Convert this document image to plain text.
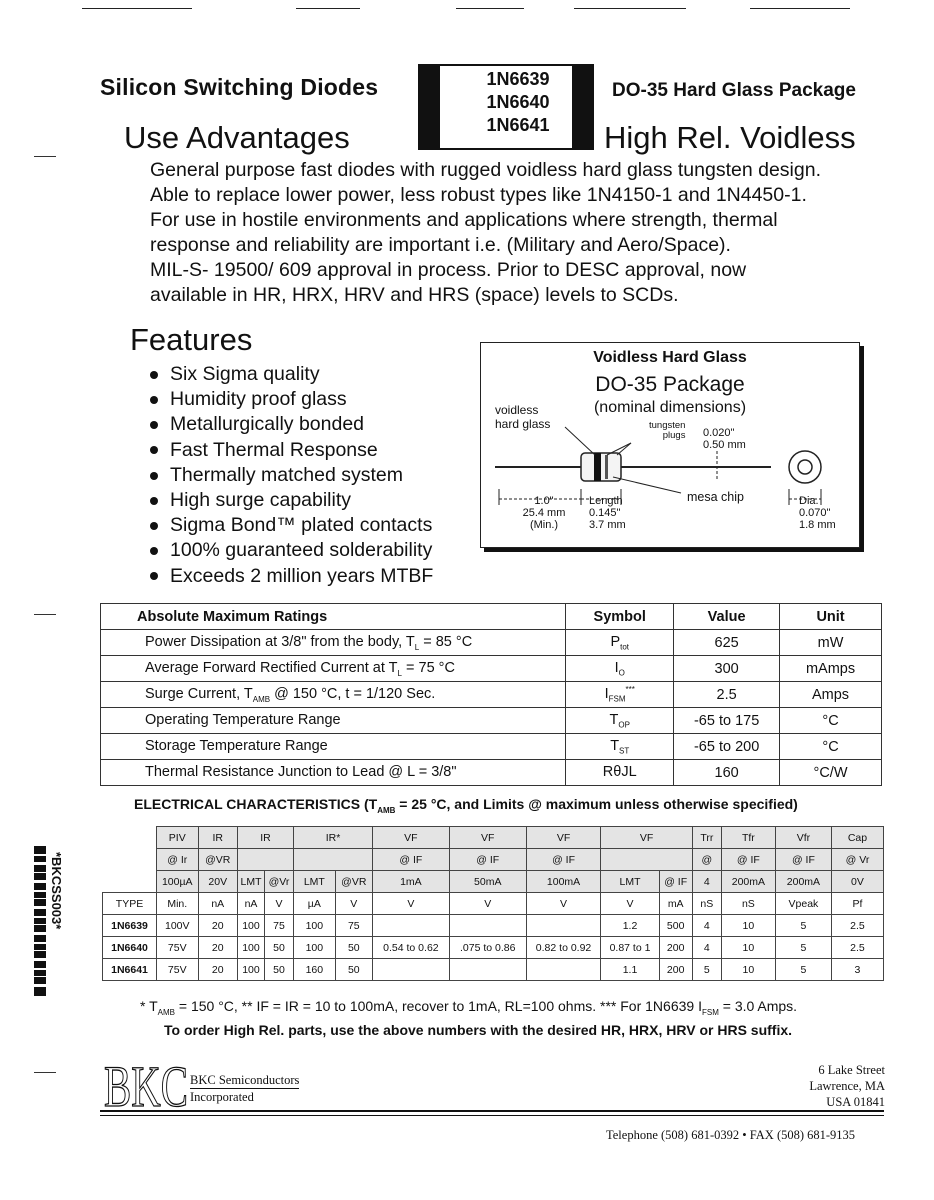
Silicon Switching Diodes	1N6639
1N6640
1N6641
DO-35 Hard Glass Package
Use Advantages	High Rel. Voidless
General purpose fast diodes with rugged voidless hard glass tungsten design.
Able to replace lower power, less robust types like 1N4150-1 and 1N4450-1.
For use in hostile environments and applications where strength, thermal
response and reliability are important i.e. (Military and Aero/Space).
MIL-S- 19500/ 609 approval in process. Prior to DESC approval, now
available in HR, HRX, HRV and HRS (space) levels to SCDs.
Features
Six Sigma quality
Humidity proof glass
Metallurgically bonded
Fast Thermal Response
Thermally matched system
High surge capability
Sigma Bond™ plated contacts
100% guaranteed solderability
Exceeds 2 million years MTBF
Voidless Hard Glass
DO-35 Package
(nominal dimensions)
voidless
hard glass	tungsten
plugs 0.020"
0.50 mm
mesa chip
1.0"
25.4 mm
(Min.)
Length
0.145"
3.7 mm
Dia.
0.070"
1.8 mm
Absolute Maximum Ratings	Symbol	Value	Unit
Power Dissipation at 3/8" from the body, $T_L = 85$ °C	$P_{tot}$	625	mW
Average Forward Rectified Current at $T_L = 75$ °C	$I_O$	300	mAmps
Surge Current, $T_{AMB}$ @ 150 °C, t = 1/120 Sec.	$I_{FSM}^{***}$	2.5	Amps
Operating Temperature Range	$T_{OP}$	-65 to 175	°C
Storage Temperature Range	$T_{ST}$	-65 to 200	°C
Thermal Resistance Junction to Lead @ L = 3/8"	RθJL	160	°C/W
ELECTRICAL CHARACTERISTICS ($T_{AMB} = 25$ °C, and Limits @ maximum unless otherwise specified)
	PIV	IR	IR		IR*		VF	VF	VF	VF		Trr	Tfr	Vfr	Cap
	@ Ir	@VR					@ IF	@ IF	@ IF			@	@ IF	@ IF	@ Vr
	100µA	20V	LMT	@Vr	LMT	@VR	1mA	50mA	100mA	LMT	@ IF	4	200mA	200mA	0V
TYPE	Min.	nA	nA	V	µA	V	V	V	V	V	mA	nS	nS	Vpeak	Pf
1N6639	100V	20	100	75	100	75				1.2	500	4	10	5	2.5
1N6640	75V	20	100	50	100	50	0.54 to 0.62	.075 to 0.86	0.82 to 0.92	0.87 to 1	200	4	10	5	2.5
1N6641	75V	20	100	50	160	50				1.1	200	5	10	5	3
* $T_{AMB} = 150$ °C, ** IF = IR = 10 to 100mA, recover to 1mA, RL=100 ohms. *** For 1N6639 $I_{FSM} = 3.0$ Amps.
To order High Rel. parts, use the above numbers with the desired HR, HRX, HRV or HRS suffix.
BKC BKC Semiconductors
Incorporated
6 Lake Street
Lawrence, MA
USA 01841
Telephone (508) 681-0392 • FAX (508) 681-9135
*BKCSS003*
